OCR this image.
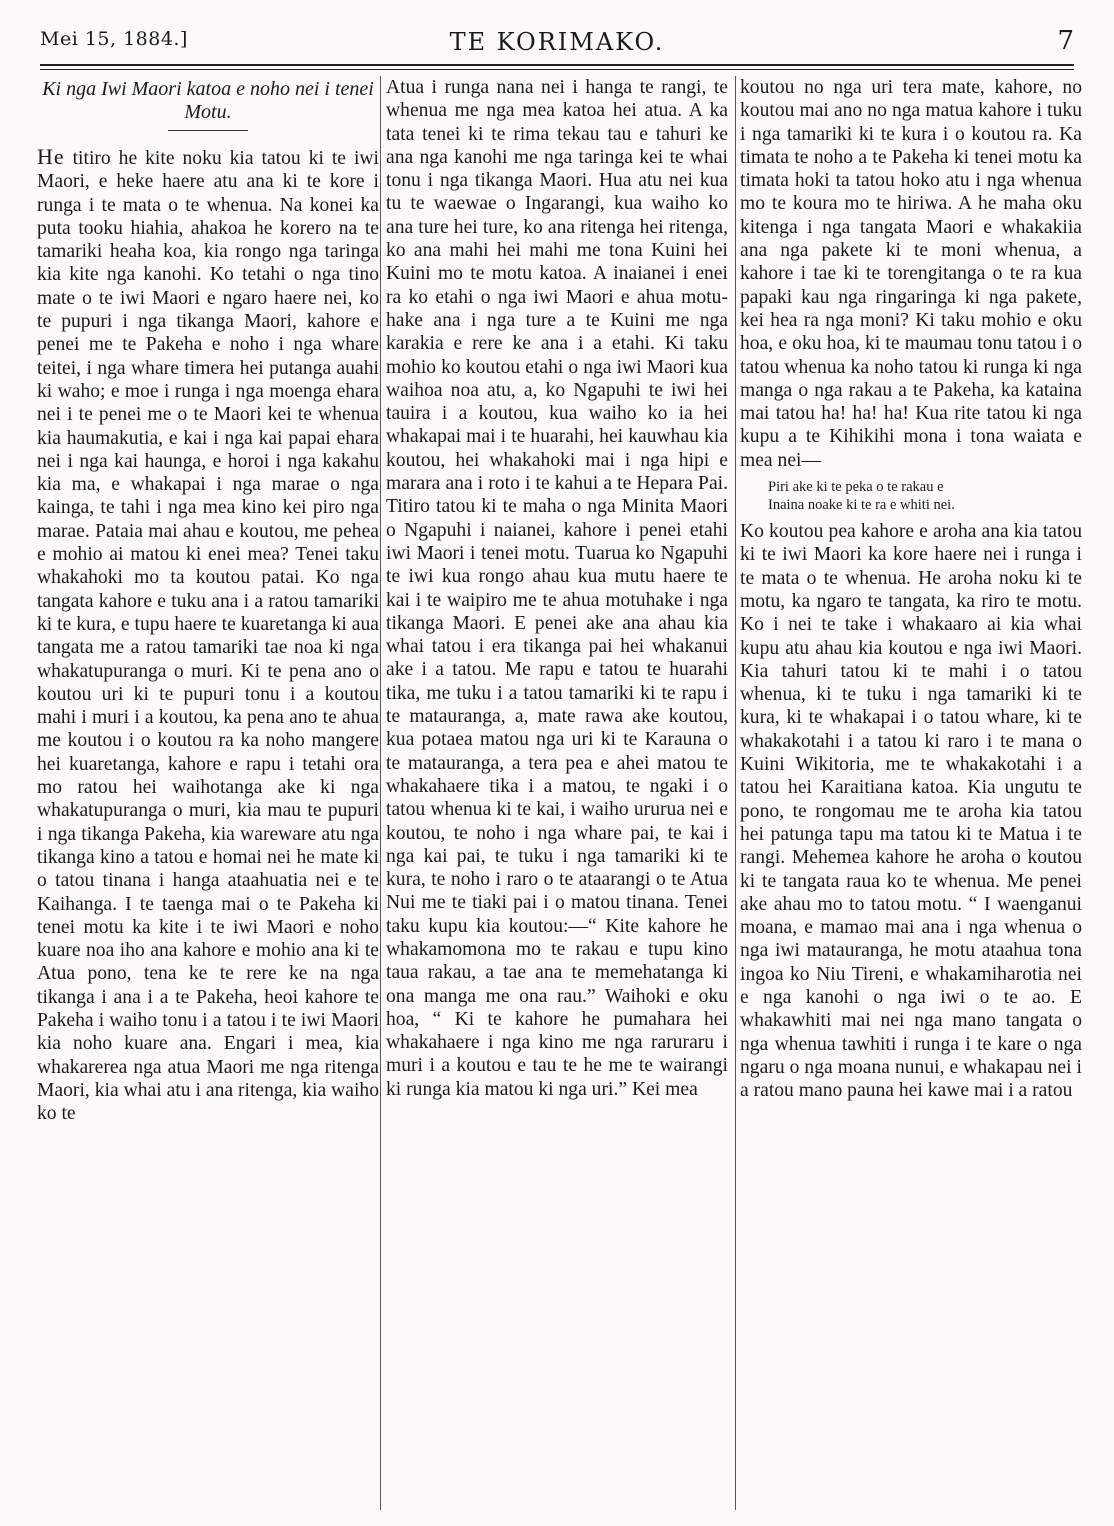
Mei 15, 1884.]	TE KORIMAKO.	7
Ki nga Iwi Maori katoa e noho nei i tenei Motu.

He titiro he kite noku kia tatou ki te iwi Maori, e heke haere atu ana ki te kore i runga i te mata o te whenua. Na konei ka puta tooku hiahia, ahakoa he korero na te tamariki heaha koa, kia rongo nga taringa kia kite nga kanohi. Ko tetahi o nga tino mate o te iwi Maori e ngaro haere nei, ko te pupuri i nga tikanga Maori, kahore e penei me te Pakeha e noho i nga whare teitei, i nga whare timera hei putanga auahi ki waho; e moe i runga i nga moenga ehara nei i te penei me o te Maori kei te whenua kia haumakutia, e kai i nga kai papai ehara nei i nga kai haunga, e horoi i nga kakahu kia ma, e whakapai i nga marae o nga kainga, te tahi i nga mea kino kei piro nga marae. Pataia mai ahau e koutou, me pehea e mohio ai matou ki enei mea? Tenei taku whakahoki mo ta koutou patai. Ko nga tangata kahore e tuku ana i a ratou tamariki ki te kura, e tupu haere te kuaretanga ki aua tangata me a ratou tamariki tae noa ki nga whakatupuranga o muri. Ki te pena ano o koutou uri ki te pupuri tonu i a koutou mahi i muri i a koutou, ka pena ano te ahua me koutou i o koutou ra ka noho mangere hei kuaretanga, kahore e rapu i tetahi ora mo ratou hei waihotanga ake ki nga whakatupuranga o muri, kia mau te pupuri i nga tikanga Pakeha, kia wareware atu nga tikanga kino a tatou e homai nei he mate ki o tatou tinana i hanga ataahuatia nei e te Kaihanga. I te taenga mai o te Pakeha ki tenei motu ka kite i te iwi Maori e noho kuare noa iho ana kahore e mohio ana ki te Atua pono, tena ke te rere ke na nga tikanga i ana i a te Pakeha, heoi kahore te Pakeha i waiho tonu i a tatou i te iwi Maori kia noho kuare ana. Engari i mea, kia whakarerea nga atua Maori me nga ritenga Maori, kia whai atu i ana ritenga, kia waiho ko te

Atua i runga nana nei i hanga te rangi, te whenua me nga mea katoa hei atua. A ka tata tenei ki te rima tekau tau e tahuri ke ana nga kanohi me nga taringa kei te whai tonu i nga tikanga Maori. Hua atu nei kua tu te waewae o Ingarangi, kua waiho ko ana ture hei ture, ko ana ritenga hei ritenga, ko ana mahi hei mahi me tona Kuini hei Kuini mo te motu katoa. A inaianei i enei ra ko etahi o nga iwi Maori e ahua motu-hake ana i nga ture a te Kuini me nga karakia e rere ke ana i a etahi. Ki taku mohio ko koutou etahi o nga iwi Maori kua waihoa noa atu, a, ko Ngapuhi te iwi hei tauira i a koutou, kua waiho ko ia hei whakapai mai i te huarahi, hei kauwhau kia koutou, hei whakahoki mai i nga hipi e marara ana i roto i te kahui a te Hepara Pai. Titiro tatou ki te maha o nga Minita Maori o Ngapuhi i naianei, kahore i penei etahi iwi Maori i tenei motu. Tuarua ko Ngapuhi te iwi kua rongo ahau kua mutu haere te kai i te waipiro me te ahua motuhake i nga tikanga Maori. E penei ake ana ahau kia whai tatou i era tikanga pai hei whakanui ake i a tatou. Me rapu e tatou te huarahi tika, me tuku i a tatou tamariki ki te rapu i te matauranga, a, mate rawa ake koutou, kua potaea matou nga uri ki te Karauna o te matauranga, a tera pea e ahei matou te whakahaere tika i a matou, te ngaki i o tatou whenua ki te kai, i waiho ururua nei e koutou, te noho i nga whare pai, te kai i nga kai pai, te tuku i nga tamariki ki te kura, te noho i raro o te ataarangi o te Atua Nui me te tiaki pai i o matou tinana. Tenei taku kupu kia koutou:—“ Kite kahore he whakamomona mo te rakau e tupu kino taua rakau, a tae ana te memehatanga ki ona manga me ona rau.” Waihoki e oku hoa, “ Ki te kahore he pumahara hei whakahaere i nga kino me nga raruraru i muri i a koutou e tau te he me te wairangi ki runga kia matou ki nga uri.” Kei mea

koutou no nga uri tera mate, kahore, no koutou mai ano no nga matua kahore i tuku i nga tamariki ki te kura i o koutou ra. Ka timata te noho a te Pakeha ki tenei motu ka timata hoki ta tatou hoko atu i nga whenua mo te koura mo te hiriwa. A he maha oku kitenga i nga tangata Maori e whakakiia ana nga pakete ki te moni whenua, a kahore i tae ki te torengitanga o te ra kua papaki kau nga ringaringa ki nga pakete, kei hea ra nga moni? Ki taku mohio e oku hoa, e oku hoa, ki te maumau tonu tatou i o tatou whenua ka noho tatou ki runga ki nga manga o nga rakau a te Pakeha, ka kataina mai tatou ha! ha! ha! Kua rite tatou ki nga kupu a te Kihikihi mona i tona waiata e mea nei—

Piri ake ki te peka o te rakau e
Inaina noake ki te ra e whiti nei.

Ko koutou pea kahore e aroha ana kia tatou ki te iwi Maori ka kore haere nei i runga i te mata o te whenua. He aroha noku ki te motu, ka ngaro te tangata, ka riro te motu. Ko i nei te take i whakaaro ai kia whai kupu atu ahau kia koutou e nga iwi Maori. Kia tahuri tatou ki te mahi i o tatou whenua, ki te tuku i nga tamariki ki te kura, ki te whakapai i o tatou whare, ki te whakakotahi i a tatou ki raro i te mana o Kuini Wikitoria, me te whakakotahi i a tatou hei Karaitiana katoa. Kia ungutu te pono, te rongomau me te aroha kia tatou hei patunga tapu ma tatou ki te Matua i te rangi. Mehemea kahore he aroha o koutou ki te tangata raua ko te whenua. Me penei ake ahau mo to tatou motu. “ I waenganui moana, e mamao mai ana i nga whenua o nga iwi matauranga, he motu ataahua tona ingoa ko Niu Tireni, e whakamiharotia nei e nga kanohi o nga iwi o te ao. E whakawhiti mai nei nga mano tangata o nga whenua tawhiti i runga i te kare o nga ngaru o nga moana nunui, e whakapau nei i a ratou mano pauna hei kawe mai i a ratou
